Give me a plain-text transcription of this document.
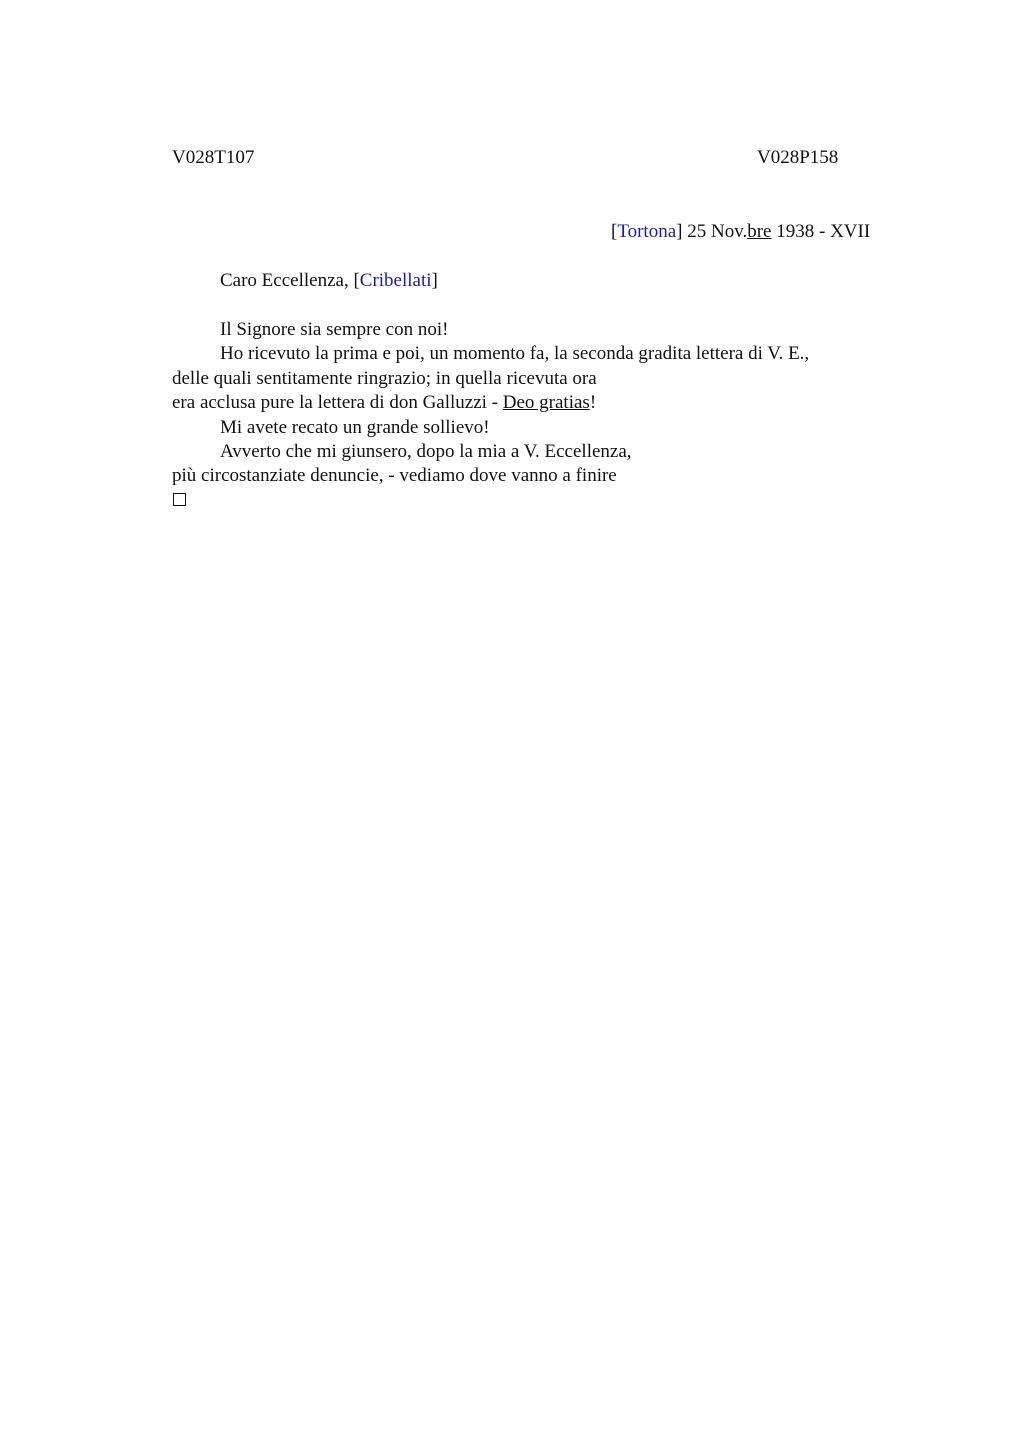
V028T107	V028P158
[Tortona] 25 Nov.bre 1938 - XVII
Caro Eccellenza, [Cribellati]
Il Signore sia sempre con noi!
Ho ricevuto la prima e poi, un momento fa, la seconda gradita lettera di V. E.,
delle quali sentitamente ringrazio; in quella ricevuta ora
era acclusa pure la lettera di don Galluzzi - Deo gratias!
Mi avete recato un grande sollievo!
Avverto che mi giunsero, dopo la mia a V. Eccellenza,
più circostanziate denuncie, - vediamo dove vanno a finire
